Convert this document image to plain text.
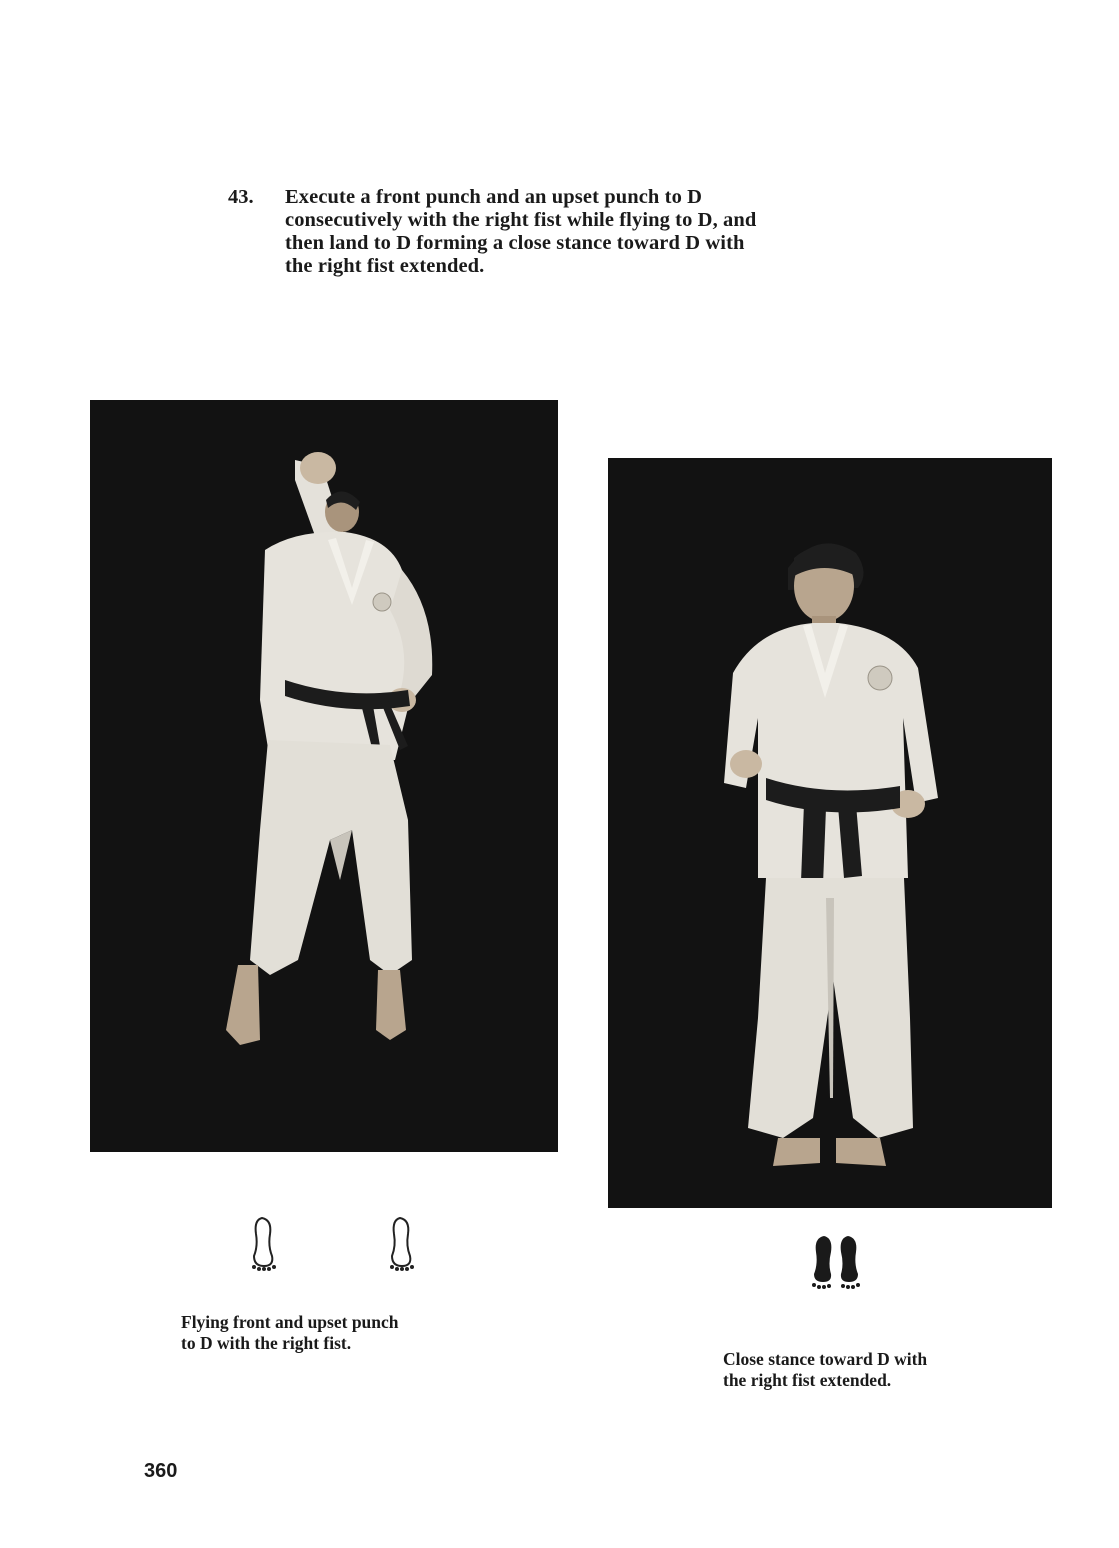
43.	Execute a front punch and an upset punch to D
consecutively with the right fist while flying to D, and
then land to D forming a close stance toward D with
the right fist extended.
Flying front and upset punch
to D with the right fist.
Close stance toward D with
the right fist extended.
360
